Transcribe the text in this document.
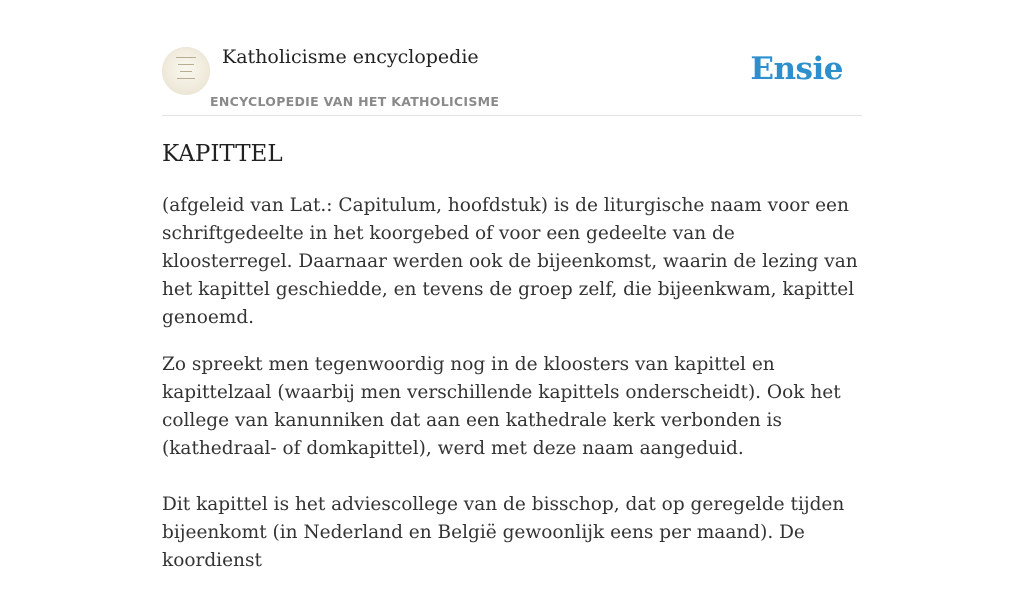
Katholicisme encyclopedie
ENCYCLOPEDIE VAN HET KATHOLICISME
Ensie
KAPITTEL

(afgeleid van Lat.: Capitulum, hoofdstuk) is de liturgische naam voor een schriftgedeelte in het koorgebed of voor een gedeelte van de kloosterregel. Daarnaar werden ook de bijeenkomst, waarin de lezing van het kapittel geschiedde, en tevens de groep zelf, die bijeenkwam, kapittel genoemd.

Zo spreekt men tegenwoordig nog in de kloosters van kapittel en kapittelzaal (waarbij men verschillende kapittels onderscheidt). Ook het college van kanunniken dat aan een kathedrale kerk verbonden is (kathedraal- of domkapittel), werd met deze naam aangeduid.

Dit kapittel is het adviescollege van de bisschop, dat op geregelde tijden bijeenkomt (in Nederland en België gewoonlijk eens per maand). De koordienst
